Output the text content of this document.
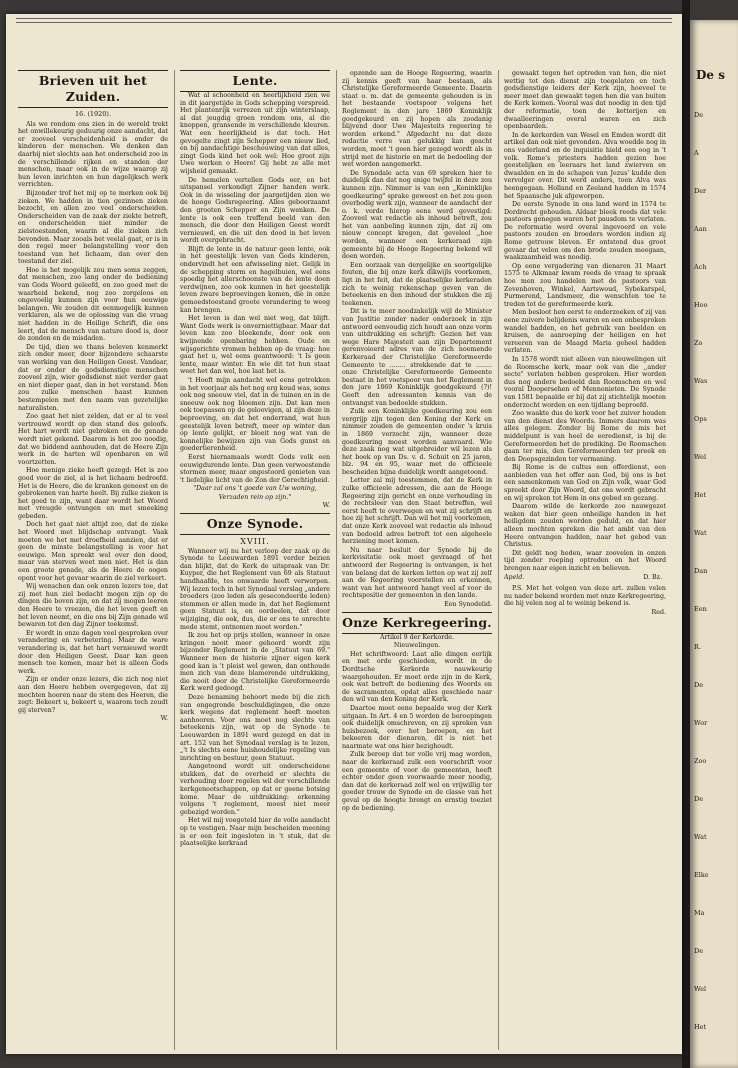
Brieven uit het Zuiden.
16. (1920).

Als we rondom ons zien in de wereld trekt het onwillekeurig geduurig onze aandacht, dat er zooveel verscheidenheid is onder de kinderen der menschen. We denken dan daarbij niet slechts aan het onderscheid zoo in de verschillende rijken en standen der menschen, maar ook in de wijze waarop zij hun leven inrichten en hun dagelijksch werk verrichten.

Bijzonder trof het mij op te merken ook bij zieken. We hadden in tien gezinnen zieken bezocht, en allen zoo veel onderscheiden. Onderscheiden van de zaak der ziekte betreft, en onderscheiden niet minder de zielstoestanden, waarin al die zieken zich bevonden. Maar zooals het veelal gaat, er is in den regel meer belangstelling voor den toestand van het lichaam, dan over den toestand der ziel.

Hoe is het mogelijk zou men soms zeggen, dat menschen, zoo lang onder de bediening van Gods Woord geleefd, en zoo goed met de waarheid bekend, nog zoo zorgeloos en ongevoelig kunnen zijn voor hun eeuwige belangen. We zouden dit eenmogelijk kunnen verklaren, als we de oplossing van die vraag niet hadden in de Heilige Schrift, die ons leert, dat de mensch van nature dood is, door de zonden en de misdaden.

De tijd, dien we thans beleven kenmerkt zich onder meer, door bijzondere schaarste van werking van den Heiligen Geest. Vandaar, dat er onder de godsdienstige menschen zooveel zijn, wier godsdienst niet verder gaat en niet dieper gaat, dan in het verstand. Men zou zulke menschen haast kunnen bestempelen met den naam van gezetelijke naturalisten.

Zoo gaat het niet zelden, dat er al te veel vertrouwd wordt op den stand des geloofs. Het hart wordt niet gebroken en de genade wordt niet gekend. Daarom is het zoo noodig, dat we biddend aanhouden, dat de Heere Zijn werk in de harten wil openbaren en wil voortzetten.

Hoe menige zieke heeft gezegd: Het is zoo goed voor de ziel, al is het lichaam bedroefd. Het is de Heere, die de kranken geneest en de gebrokenen van harte heelt. Bij zulke zieken is het goed te zijn, want daar wordt het Woord met vreugde ontvangen en met smeeking gebeden.

Doch het gaat niet altijd zoo, dat de zieke het Woord met blijdschap ontvangt. Vaak moeten we het met droefheid aanzien, dat er geen de minste belangstelling is voor het eeuwige. Men spreekt wel over den dood, maar van sterven weet men niet. Het is dan een groote genade, als de Heere de oogen opent voor het gevaar waarin de ziel verkeert.

Wij wenschen dan ook onzen lezers toe, dat zij met hun ziel bedacht mogen zijn op de dingen die boven zijn, en dat zij mogen leeren den Heere te vreezen, die het leven geeft en het leven neemt, en die ons bij Zijn genade wil bewaren tot den dag Zijner toekomst.

Er wordt in onze dagen veel gesproken over verandering en verbetering. Maar de ware verandering is, dat het hart vernieuwd wordt door den Heiligen Geest. Daar kan geen mensch toe komen, maar het is alleen Gods werk.

Zijn er onder onze lezers, die zich nog niet aan den Heere hebben overgegeven, dat zij mochten hooren naar de stem des Heeren, die zegt: Bekeert u, bekeert u, waarom toch zoudt gij sterven?

W.

Lente.

Wat al schoonheid en heerlijkheid zien we in dit jaargetijde in Gods schepping verspreid. Het plantenrijk verrezen uit zijn winterslaap, al dat jeugdig groen rondom ons, al die knoppen, gransende in verschillende kleuren. Wat een heerlijkheid is dat toch. Het gevogelte zingt zijn Schepper een nieuw lied, en bij aandachtige beschouwing van dat alles, zingt Gods kind het ook wel: Hoe groot zijn Uwe werken o Heere! Gij hebt ze alle met wijsheid gemaakt.

De hemelen vertellen Gods eer, en het uitspansel verkondigt Zijner handen werk. Ook in de wisseling der jaargetijden zien we de hooge Godsregeering. Alles geboorzaamt den grooten Schepper en Zijn wenken. De lente is ook een treffend beeld van den mensch, die door den Heiligen Geest wordt vernieuwd, en die uit den dood in het leven wordt overgebracht.

Blijft de lente in de natuur geen lente, ook in het geestelijk leven van Gods kinderen, ondervindt het een afwisseling niet. Gelijk in de schepping storm en hagelbuien, wel eens spoedig het allerschoonste van de lente doen verdwijnen, zoo ook kunnen in het geestelijk leven zware beproevingen komen, die in onze gemoedstoestand groote verandering te weeg kan brengen.

Het leven is dan wel niet weg, dat blijft. Want Gods werk is onverniettigbaar. Maar dat leven kan zoo bleekende, door ook een kwijnende openbaring hebben. Oude en wijsgerichte vromen hebben op de vraag: hoe gaat het u, wel eens geantwoord: 't Is geen lente, maar winter. En wie dit tot hun staat weet het dan wel, hoe laat het is.

't Hoeft mijn aandacht wel eens getrokken in het voorjaar als het nog erg koud was, soms ook nog sneeuw viel, dat in de tuinen en in de sneeuw ook nog bloemen zijn. Dat kan men ook toepassen op de geloovigen, al zijn deze in beproeving, en dat het onderrand, wat hun geestelijk leven betreft, meer op winter dan op lente gelijkt, er bloeit nog wat van de konnelijke bewijzen zijn van Gods gunst en goedertierenheid.

Eerst hiernamaals wordt Gods volk een eeuwigdurende lente. Dan geen verwoestende stormen meer, maar ongestoord genieten van 't liefelijke licht van de Zon der Gerechtigheid.

"Daar zal ons 't goede van Uw woning,

Verzaden rein op zijn."

W.

Onze Synode.
XVIII.

Wanneer wij nu het verloop der zaak op de Synode te Leeuwarden 1891 verder bezien dan blijkt, dat de Kerk de uitspraak van Dr. Kuyper, die het Reglement van 69 als Statuut handhaafde, tes onwaarde heeft verworpen. Wij lezen toch in het Synodaal verslag „andere broeders (zoo leden als gesecondeerde leden) stemmen er allen mede in, dat het Reglement geen Statuut is, en oordeelen, dat door wijziging, die ook, dus, die er ons te onrechte mede stemt, ontnomen moet worden."

Ik zou het op prijs stellen, wanneer in onze kringen nooit meer gehoord wordt zijn bijzonder Reglement in de „Statuut van 69." Wanneer men de historie zijner eigen kerk goed kan is 't pleist wel gewen, dan onthoude men zich van deze blamerende uitdrukking, die nooit door de Christelijke Gereformeerde Kerk werd gedoogd.

Deze benaming behoort mede bij die zich van ongegronde beschuldigingen, die onze kerk wegens dat reglement heeft moeten aanhooren. Voor ons moet nog slechts van beteekenis zijn, wat op de Synode te Leeuwarden in 1891 werd gezegd en dat in art. 152 van het Synodaal verslag is te lezen, „'t Is slechts eene huishoudelijke regeling van inrichting en bestuur, geen Statuut.

Aangetoond wordt uit onderscheidene stukken, dat de overheid er slechts de verhouding door regelen wil der verschillende kerkgenootschappen, op dat er geene botsing kome. Maar de uitdrukking: erkenning volgens 't reglement, moest niet meer gebezigd worden."

Het wil mij voegeteld hier de volle aandacht op te vestigen. Naar mijn bescheiden meening is er een feit ingesloten in 't stuk, dat de plaatselijke kerkraad

opzende aan de Hooge Regeering, waarin zij kennis geeft van haar bestaan, als Christelijke Gereformeerde Gemeente. Daarin staat o. m. dat de gemeente gehouden is in het bestaande voetspoor volgens het Reglement in den jare 1869 Koninklijk goedgekeurd en zij hopen als zoodanig blijvend door Uwe Majesteits regeering te worden erkend." Afgedacht nu dat deze redactie verre van gelukkig kan geacht worden, moet 't geen hier gezegd wordt als in strijd met de historie en met de bedoeling der wet worden aangemerkt.

De Synodale acta van 69 spreken hier te duidelijk dan dat nog enige twijfel in deze zou kunnen zijn. Nimmer is van een „Koninklijke goedkeuring" sprake geweest en het zou geen overbodig werk zijn, wanneer de aandacht der o. k. vorde hierop eens werd gevestigd: Zooveel wat redactie als inhoud betreft, zou het van aanbeling kunnen zijn, dat zij om nieuw concept kregen, dat geveleel ,,hoe worden, wanneer een kerkeraad zijn gemeente bij de Hooge Regeering bekend wil doen worden.

Een oorzaak van dergelijke en soortgelijke fouten, die bij onze kerk dikwijls voorkomen, ligt in het feit, dat de plaatselijke kerkeraden zich te weinig rekenschap geven van de beteekenis en den inhoud der stukken die zij teekenen.

Dit is te meer noodzakelijk wijl de Minister van Justitie zonder nader onderzoek in zijn antwoord eenvoudig zich houdt aan onze vorm van uitdrukking en schrijft: Gezien het van wege Hare Majesteit aan zijn Departement gerenvoieerd adres van de zich noemende Kerkeraad der Christelijke Gereformeerde Gemeente te ........ strekkende dat te ........ onze Christelijke Gereformeerde Gemeente bestaat in het voetspoor van het Reglement in den jare 1869 Koninklijk goedgekeurd (?)! Geeft den adressanten kennis van de ontvangst van bedoelde stukken.

Zulk een Koninklijke goedkeuring zou een vergrijp zijn tegen den Koning der Kerk en nimmer zouden de gemeenten onder 's kruis in 1869 verzocht zijn, wanneer deze goedkeuring moest worden aanvaard. Wie deze zaak nog wat uitgebreider wil lezen als het boek op van Ds. v. d. Schuit en 25 jaren, blz. 94 en 95, waar met de officieele bescheiden bijna duidelijk wordt aangetoond.

Letter zal mij toestemmen, dat de Kerk in zulke officieele adressen, die aan de Hooge Regeering zijn gericht en onze verhouding in de rechtsleer van den Staat betreffen, wel eerst heeft te overwegen en wat zij schrijft en hoe zij het schrijft. Dan wil het mij voorkomen, dat onze Kerk zooveel wat redactie als inhoud van bedoeld adres betreft tot een algeheele herziening moet komen.

Nu naar besluit der Synode bij de kerkvisitatie ook moet gevraagd of het antwoord der Regeering is ontvangen, is het van belang dat de kerken letten op wat zij zelf aan de Regeering voorstellen en erkennen, want van het antwoord hangt veel af voor de rechtspositie der gemeenten in den lande.

Een Synodelid.

Onze Kerkregeering.

Artikel 9 der Kerkorde.

Nieuwelingen.

Het schriftwoord: Laat alle dingen eerlijk en met orde geschieden, wordt in de Dordtsche Kerkorde nauwkeurig waargehouden. Er moet orde zijn in de Kerk, ook wat betreft de bediening des Woords en de sacramenten, opdat alles geschiede naar den wil van den Koning der Kerk.

Daartoe moet eene bepaalde weg der Kerk uitgaan. In Art. 4 en 5 worden de beroepingen ook duidelijk omschreven, en zij spreken van huisbezoek, over het beroepen, en het bekeeren der dienaren, dit is niet het naarmate wat ons hier bezighoudt.

Zulk beroep dat ter volle vrij mag worden, naar de kerkeraad zulk een voorschrift voor een gemeente of voor de gemeenten, heeft echter onder geen voorwaarde meer noodig, dan dat de kerkeraad zelf wel en vrijwillig ter goeder trouw de Synode en de classe van het geval op de hoogte brengt en ernstig toeziet op de bediening.

gewaakt tegen het optreden van hen, die niet wettig tot den dienst zijn toegelaten en toch godsdienstige leiders der Kerk zijn, hoeveel te meer moet dan gewaakt tegen hen die van buiten de Kerk komen. Vooral was dat noodig in den tijd der reformatie, toen de ketterijen en dwaalleeringen overal waren en zich openbaarden.

In de kerkorden van Wesel en Emden wordt dit artikel dan ook niet gevonden. Alva woedde nog in ons vaderland en de inquisitie hield een oog in 't volk. Rome's priesters hadden gezien hoe geestelijken en leeraars het land zwierven en dwaalden en in de schapen van Jezus' kudde den vervolger over. Dit werd anders, toen Alva was heengegaan. Holland en Zeeland hadden in 1574 het Spaansche juk afgeworpen.

De eerste Synode in ons land werd in 1574 te Dordrecht gehouden. Aldaar bleek reeds dat vele pastoors genegen waren het pausdom te verlaten. De reformatie werd overal ingevoerd en vele pastoors zouden en broeders worden indien zij Rome getrouw bleven. Er ontstond dus groot gevaar dat velen om den brode zouden meegaan, waakzaamheid was noodig.

Op eene vergadering van dienaren 31 Maart 1575 te Alkmaar kwam reeds de vraag te spraak hoe men zou handelen met de pastoors van Zevenhoven, Winkel, Aartswoud, Sybekarspel, Purmerend, Landsmeer, die wenschten toe te treden tot de gereformeerde kerk.

Men besloot hen eerst te onderzoeken of zij van eene zuivere belijdenis waren en een onbesproken wandel hadden, en het gebruik van beelden en kruisen, de aanroeping der heiligen en het vereeren van de Maagd Maria geheel hadden verlaten.

In 1578 wordt niet alleen van nieuwelingen uit de Roomsche kerk, maar ook van die ,,ander secte" verlaten hebben gesproken. Hier worden dus nog andere bedoeld dan Roomschen en wel vooral Doopersehen of Mennonieten. De Synode van 1581 bepaalde er bij dat zij stichtelijk moeten onderzocht worden en een tijdlang beproefd.

Zoo waakte dus de kerk voor het zuiver houden van den dienst des Woords. Immers daarom was alles gelegen. Zonder bij Rome de mis het middelpunt is van heel de eeredienst, is bij de Gereformeerden het de prediking. De Roomschen gaan ter mis, den Gereformeerden ter preek en den Doopsgezinden ter vermaning.

Bij Rome is de cultus een offerdienst, een aanbieden van het offer aan God, bij ons is het een samenkomen van God en Zijn volk, waar God spreekt door Zijn Woord, dat ons wordt gebracht en wij spreken tot Hem in ons gebed en gezang.

Daarom wilde de kerkorde zoo nauwgezet waken dat hier geen onheilige handen in het heiligdom zouden worden geduld, en dat hier alleen mochten spreken die het ambt van den Heere ontvangen hadden, naar het gebod van Christus.

Dit geldt nog heden, waar zoovelen in onzen tijd zonder roeping optreden en het Woord brengen naar eigen inzicht en believen.

Apeld.	D. Bz.

P.S. Met het volgen van deze art. zullen velen nu nader bekend worden met onze Kerkregeering, die hij velen nog al te weinig bekend is.

Red.

De s
De
A
Der
Aan
Ach
Hoo
Zo
Was
Ops
Wel
Het
Wat
Dan
Een
R.
De
Wor
Zoo
De
Wat
Elke
Ma
De
Wel
Het
